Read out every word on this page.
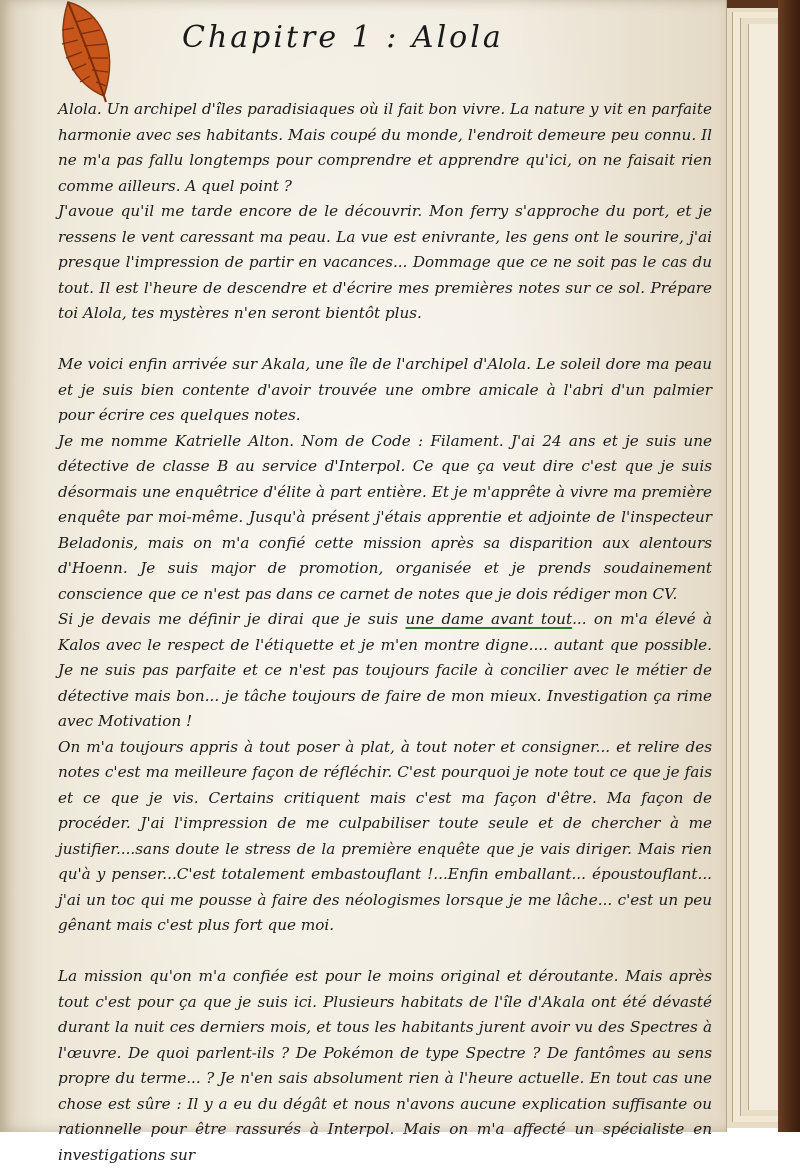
Chapitre 1 : Alola

Alola. Un archipel d'îles paradisiaques où il fait bon vivre. La nature y vit en parfaite harmonie avec ses habitants. Mais coupé du monde, l'endroit demeure peu connu. Il ne m'a pas fallu longtemps pour comprendre et apprendre qu'ici, on ne faisait rien comme ailleurs. A quel point ?

J'avoue qu'il me tarde encore de le découvrir. Mon ferry s'approche du port, et je ressens le vent caressant ma peau. La vue est enivrante, les gens ont le sourire, j'ai presque l'impression de partir en vacances... Dommage que ce ne soit pas le cas du tout. Il est l'heure de descendre et d'écrire mes premières notes sur ce sol. Prépare toi Alola, tes mystères n'en seront bientôt plus.

Me voici enfin arrivée sur Akala, une île de l'archipel d'Alola. Le soleil dore ma peau et je suis bien contente d'avoir trouvée une ombre amicale à l'abri d'un palmier pour écrire ces quelques notes.

Je me nomme Katrielle Alton. Nom de Code : Filament. J'ai 24 ans et je suis une détective de classe B au service d'Interpol. Ce que ça veut dire c'est que je suis désormais une enquêtrice d'élite à part entière. Et je m'apprête à vivre ma première enquête par moi-même. Jusqu'à présent j'étais apprentie et adjointe de l'inspecteur Beladonis, mais on m'a confié cette mission après sa disparition aux alentours d'Hoenn. Je suis major de promotion, organisée et je prends soudainement conscience que ce n'est pas dans ce carnet de notes que je dois rédiger mon CV.

Si je devais me définir je dirai que je suis une dame avant tout... on m'a élevé à Kalos avec le respect de l'étiquette et je m'en montre digne.... autant que possible. Je ne suis pas parfaite et ce n'est pas toujours facile à concilier avec le métier de détective mais bon... je tâche toujours de faire de mon mieux. Investigation ça rime avec Motivation !

On m'a toujours appris à tout poser à plat, à tout noter et consigner... et relire des notes c'est ma meilleure façon de réfléchir. C'est pourquoi je note tout ce que je fais et ce que je vis. Certains critiquent mais c'est ma façon d'être. Ma façon de procéder. J'ai l'impression de me culpabiliser toute seule et de chercher à me justifier....sans doute le stress de la première enquête que je vais diriger. Mais rien qu'à y penser...C'est totalement embastouflant !...Enfin emballant... époustouflant... j'ai un toc qui me pousse à faire des néologismes lorsque je me lâche... c'est un peu gênant mais c'est plus fort que moi.

La mission qu'on m'a confiée est pour le moins original et déroutante. Mais après tout c'est pour ça que je suis ici. Plusieurs habitats de l'île d'Akala ont été dévasté durant la nuit ces derniers mois, et tous les habitants jurent avoir vu des Spectres à l'œuvre. De quoi parlent-ils ? De Pokémon de type Spectre ? De fantômes au sens propre du terme... ? Je n'en sais absolument rien à l'heure actuelle. En tout cas une chose est sûre : Il y a eu du dégât et nous n'avons aucune explication suffisante ou rationnelle pour être rassurés à Interpol. Mais on m'a affecté un spécialiste en investigations sur
